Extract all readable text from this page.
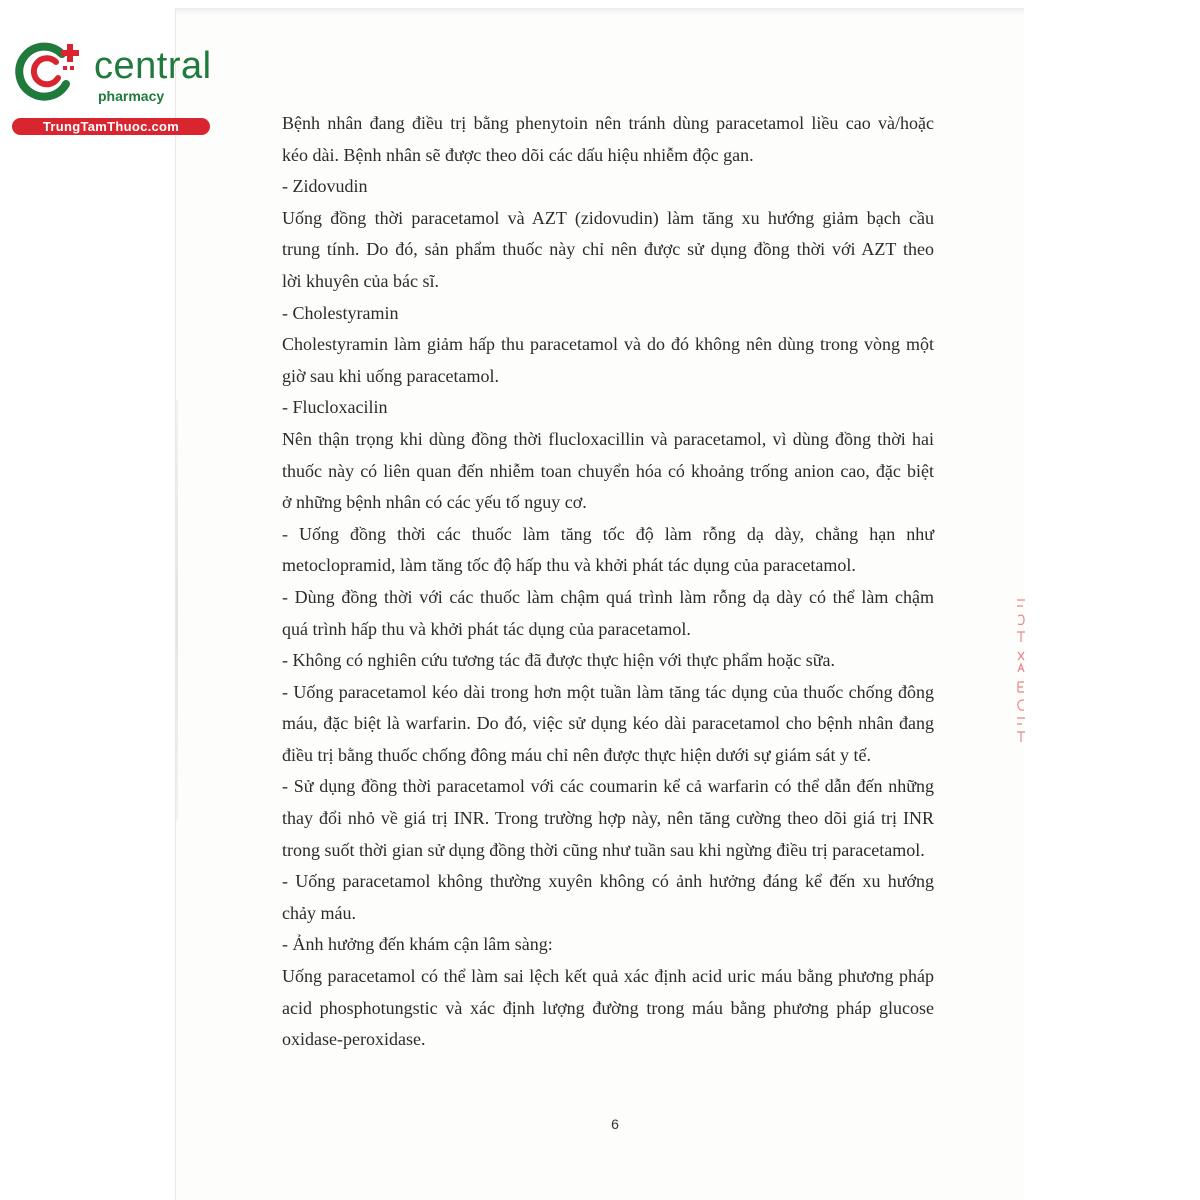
central
pharmacy
TrungTamThuoc.com	Bệnh nhân đang điều trị bằng phenytoin nên tránh dùng paracetamol liều cao và/hoặc
kéo dài. Bệnh nhân sẽ được theo dõi các dấu hiệu nhiễm độc gan.
- Zidovudin
Uống đồng thời paracetamol và AZT (zidovudin) làm tăng xu hướng giảm bạch cầu
trung tính. Do đó, sản phẩm thuốc này chỉ nên được sử dụng đồng thời với AZT theo
lời khuyên của bác sĩ.
- Cholestyramin
Cholestyramin làm giảm hấp thu paracetamol và do đó không nên dùng trong vòng một
giờ sau khi uống paracetamol.
- Flucloxacilin
Nên thận trọng khi dùng đồng thời flucloxacillin và paracetamol, vì dùng đồng thời hai
thuốc này có liên quan đến nhiễm toan chuyển hóa có khoảng trống anion cao, đặc biệt
ở những bệnh nhân có các yếu tố nguy cơ.
- Uống đồng thời các thuốc làm tăng tốc độ làm rỗng dạ dày, chẳng hạn như
metoclopramid, làm tăng tốc độ hấp thu và khởi phát tác dụng của paracetamol.
- Dùng đồng thời với các thuốc làm chậm quá trình làm rỗng dạ dày có thể làm chậm
quá trình hấp thu và khởi phát tác dụng của paracetamol.
- Không có nghiên cứu tương tác đã được thực hiện với thực phẩm hoặc sữa.
- Uống paracetamol kéo dài trong hơn một tuần làm tăng tác dụng của thuốc chống đông
máu, đặc biệt là warfarin. Do đó, việc sử dụng kéo dài paracetamol cho bệnh nhân đang
điều trị bằng thuốc chống đông máu chỉ nên được thực hiện dưới sự giám sát y tế.
- Sử dụng đồng thời paracetamol với các coumarin kể cả warfarin có thể dẫn đến những
thay đổi nhỏ về giá trị INR. Trong trường hợp này, nên tăng cường theo dõi giá trị INR
trong suốt thời gian sử dụng đồng thời cũng như tuần sau khi ngừng điều trị paracetamol.
- Uống paracetamol không thường xuyên không có ảnh hưởng đáng kể đến xu hướng
chảy máu.
- Ảnh hưởng đến khám cận lâm sàng:
Uống paracetamol có thể làm sai lệch kết quả xác định acid uric máu bằng phương pháp
acid phosphotungstic và xác định lượng đường trong máu bằng phương pháp glucose
oxidase-peroxidase.
6
